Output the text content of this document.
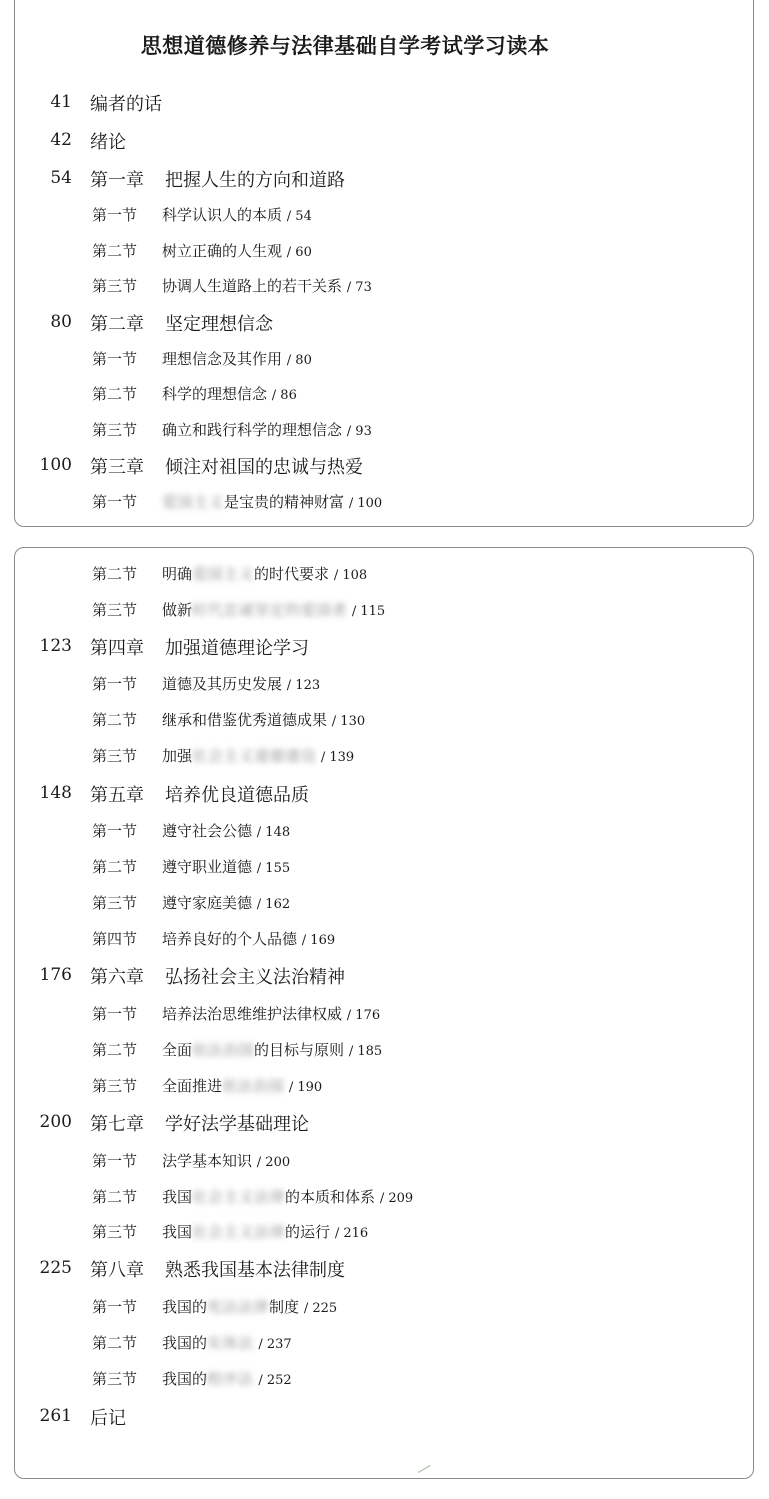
思想道德修养与法律基础自学考试学习读本
41 编者的话
42 绪论
54 第一章 把握人生的方向和道路
第一节 科学认识人的本质 / 54
第二节 树立正确的人生观 / 60
第三节 协调人生道路上的若干关系 / 73
80 第二章 坚定理想信念
第一节 理想信念及其作用 / 80
第二节 科学的理想信念 / 86
第三节 确立和践行科学的理想信念 / 93
100 第三章 倾注对祖国的忠诚与热爱
第一节 爱国主义是宝贵的精神财富 / 100
第二节 明确爱国主义的时代要求 / 108
第三节 做新时代忠诚坚定的爱国者 / 115
123 第四章 加强道德理论学习
第一节 道德及其历史发展 / 123
第二节 继承和借鉴优秀道德成果 / 130
第三节 加强社会主义道德建设 / 139
148 第五章 培养优良道德品质
第一节 遵守社会公德 / 148
第二节 遵守职业道德 / 155
第三节 遵守家庭美德 / 162
第四节 培养良好的个人品德 / 169
176 第六章 弘扬社会主义法治精神
第一节 培养法治思维维护法律权威 / 176
第二节 全面依法治国的目标与原则 / 185
第三节 全面推进依法治国 / 190
200 第七章 学好法学基础理论
第一节 法学基本知识 / 200
第二节 我国社会主义法律的本质和体系 / 209
第三节 我国社会主义法律的运行 / 216
225 第八章 熟悉我国基本法律制度
第一节 我国的宪法法律制度 / 225
第二节 我国的实体法 / 237
第三节 我国的程序法 / 252
261 后记
